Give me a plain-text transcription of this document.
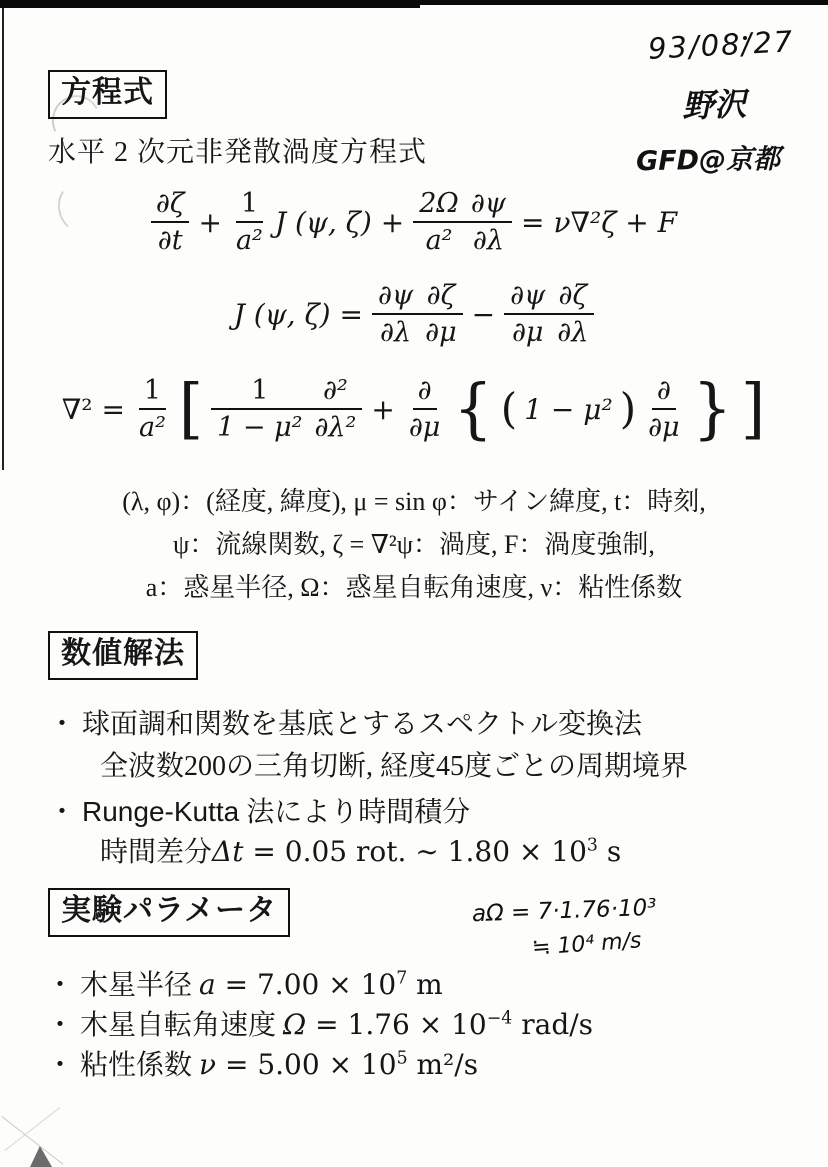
93/08/27
野沢
GFD@京都
aΩ = 7·1.76·10³
≒ 10⁴ m/s
方程式
水平 2 次元非発散渦度方程式
$\frac{\partial\zeta}{\partial t} + \frac{1}{\text{a²}}$ J (ψ, ζ) +
2Ω ∂ψ
a² ∂λ
= ν∇²ζ + F
J (ψ, ζ) =
∂ψ ∂ζ
∂λ ∂μ
−
∂ψ ∂ζ
∂μ ∂λ
$\nabla^2 = \frac{1}{\text{a²}}$ [	1	∂²
1 − μ² ∂λ²
+
∂
∂μ { ( 1 − μ² ) ∂
∂μ } ]
(λ, φ)：(経度, 緯度), μ = sin φ：サイン緯度, t：時刻,
ψ：流線関数, ζ = ∇²ψ：渦度, F：渦度強制,
a：惑星半径, Ω：惑星自転角速度, ν：粘性係数
数値解法
・ 球面調和関数を基底とするスペクトル変換法
全波数200の三角切断, 経度45度ごとの周期境界
・ Runge-Kutta 法により時間積分
時間差分Δt = 0.05 rot. ∼ $1.80 \times 10^3$ s
実験パラメータ
・ 木星半径 $a = 7.00 \times 10^7$ m
・ 木星自転角速度 $\Omega = 1.76 \times 10^{-4}$ rad/s
・ 粘性係数 $\nu = 5.00 \times 10^5$ m²/s
